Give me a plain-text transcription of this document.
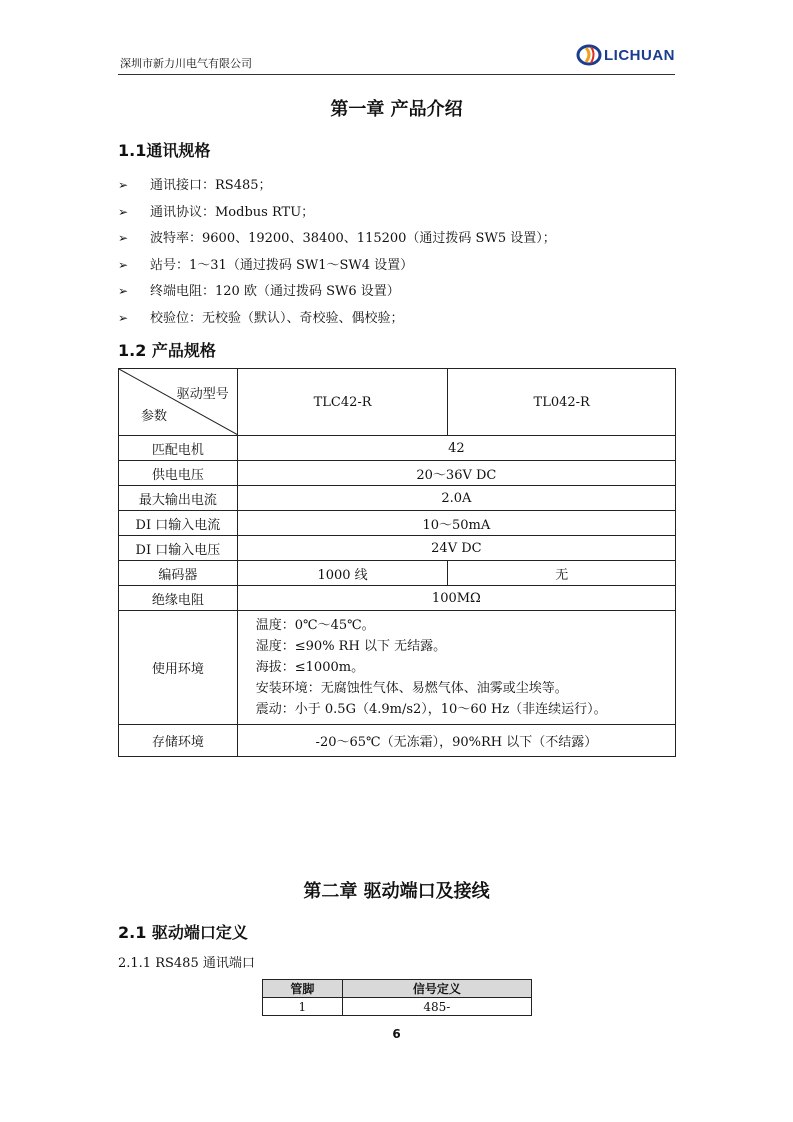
深圳市新力川电气有限公司	LICHUAN
第一章 产品介绍
1.1通讯规格
➢ 通讯接口：RS485；
➢ 通讯协议：Modbus RTU；
➢ 波特率：9600、19200、38400、115200（通过拨码 SW5 设置）；
➢ 站号：1～31（通过拨码 SW1～SW4 设置）
➢ 终端电阻：120 欧（通过拨码 SW6 设置）
➢ 校验位：无校验（默认）、奇校验、偶校验；
1.2 产品规格
驱动型号
参数	TLC42-R	TL042-R
匹配电机	42	
供电电压	20～36V DC	
最大输出电流	2.0A	
DI 口输入电流	10～50mA	
DI 口输入电压	24V DC	
编码器	1000 线	无
绝缘电阻	100MΩ	
使用环境	温度：0℃～45℃。
湿度：≤90% RH 以下 无结露。
海拔：≤1000m。
安装环境：无腐蚀性气体、易燃气体、油雾或尘埃等。
震动：小于 0.5G（4.9m/s2），10～60 Hz（非连续运行）。	

存储环境	-20～65℃（无冻霜），90%RH 以下（不结露）	
第二章 驱动端口及接线
2.1 驱动端口定义
2.1.1 RS485 通讯端口
管脚	信号定义
1	485-
6
